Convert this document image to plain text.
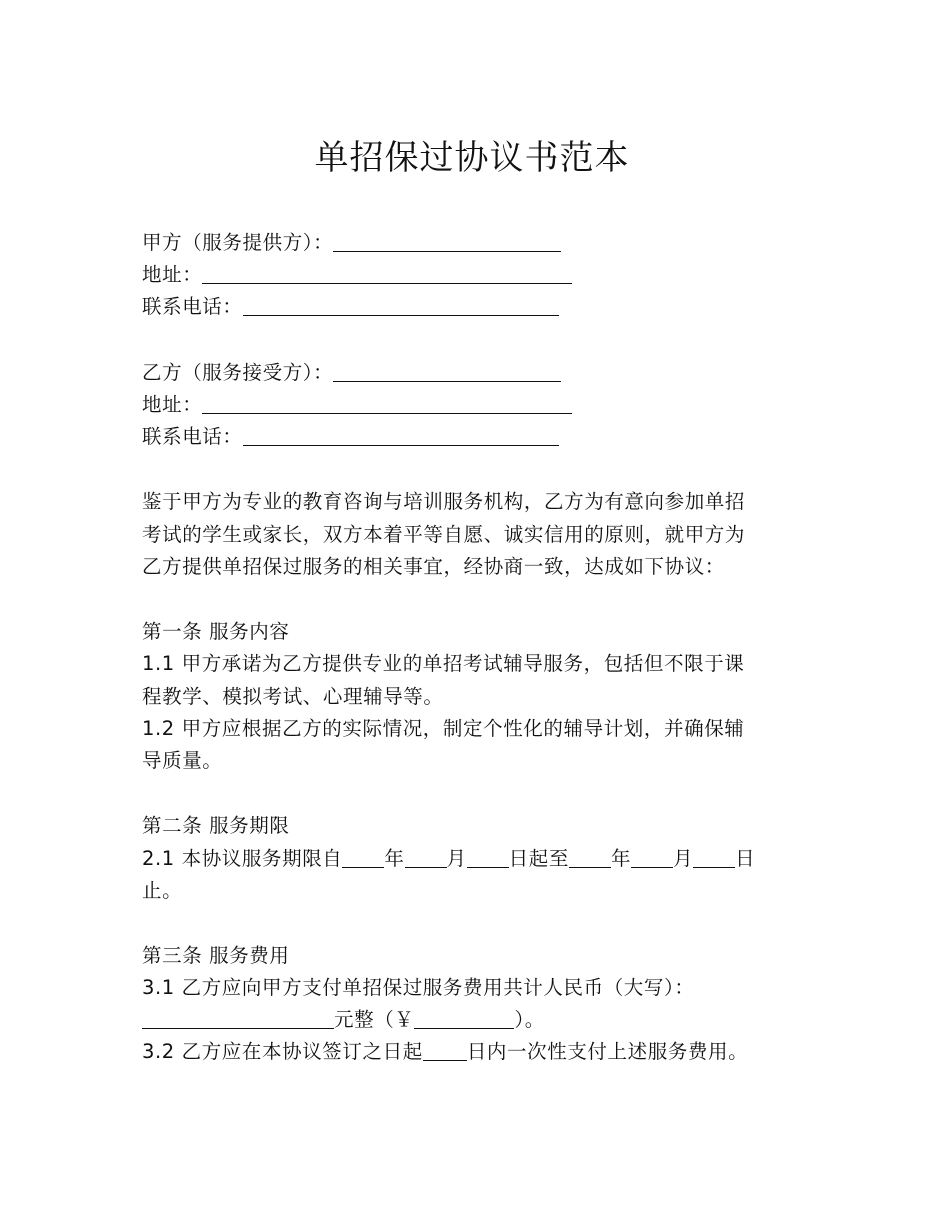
单招保过协议书范本
甲方（服务提供方）：
地址：
联系电话：
乙方（服务接受方）：
地址：
联系电话：
鉴于甲方为专业的教育咨询与培训服务机构，乙方为有意向参加单招
考试的学生或家长，双方本着平等自愿、诚实信用的原则，就甲方为
乙方提供单招保过服务的相关事宜，经协商一致，达成如下协议：
第一条 服务内容
1.1 甲方承诺为乙方提供专业的单招考试辅导服务，包括但不限于课
程教学、模拟考试、心理辅导等。
1.2 甲方应根据乙方的实际情况，制定个性化的辅导计划，并确保辅
导质量。
第二条 服务期限
2.1 本协议服务期限自 年 月 日起至 年 月 日
止。
第三条 服务费用
3.1 乙方应向甲方支付单招保过服务费用共计人民币（大写）：
元整（￥	）。
3.2 乙方应在本协议签订之日起 日内一次性支付上述服务费用。
